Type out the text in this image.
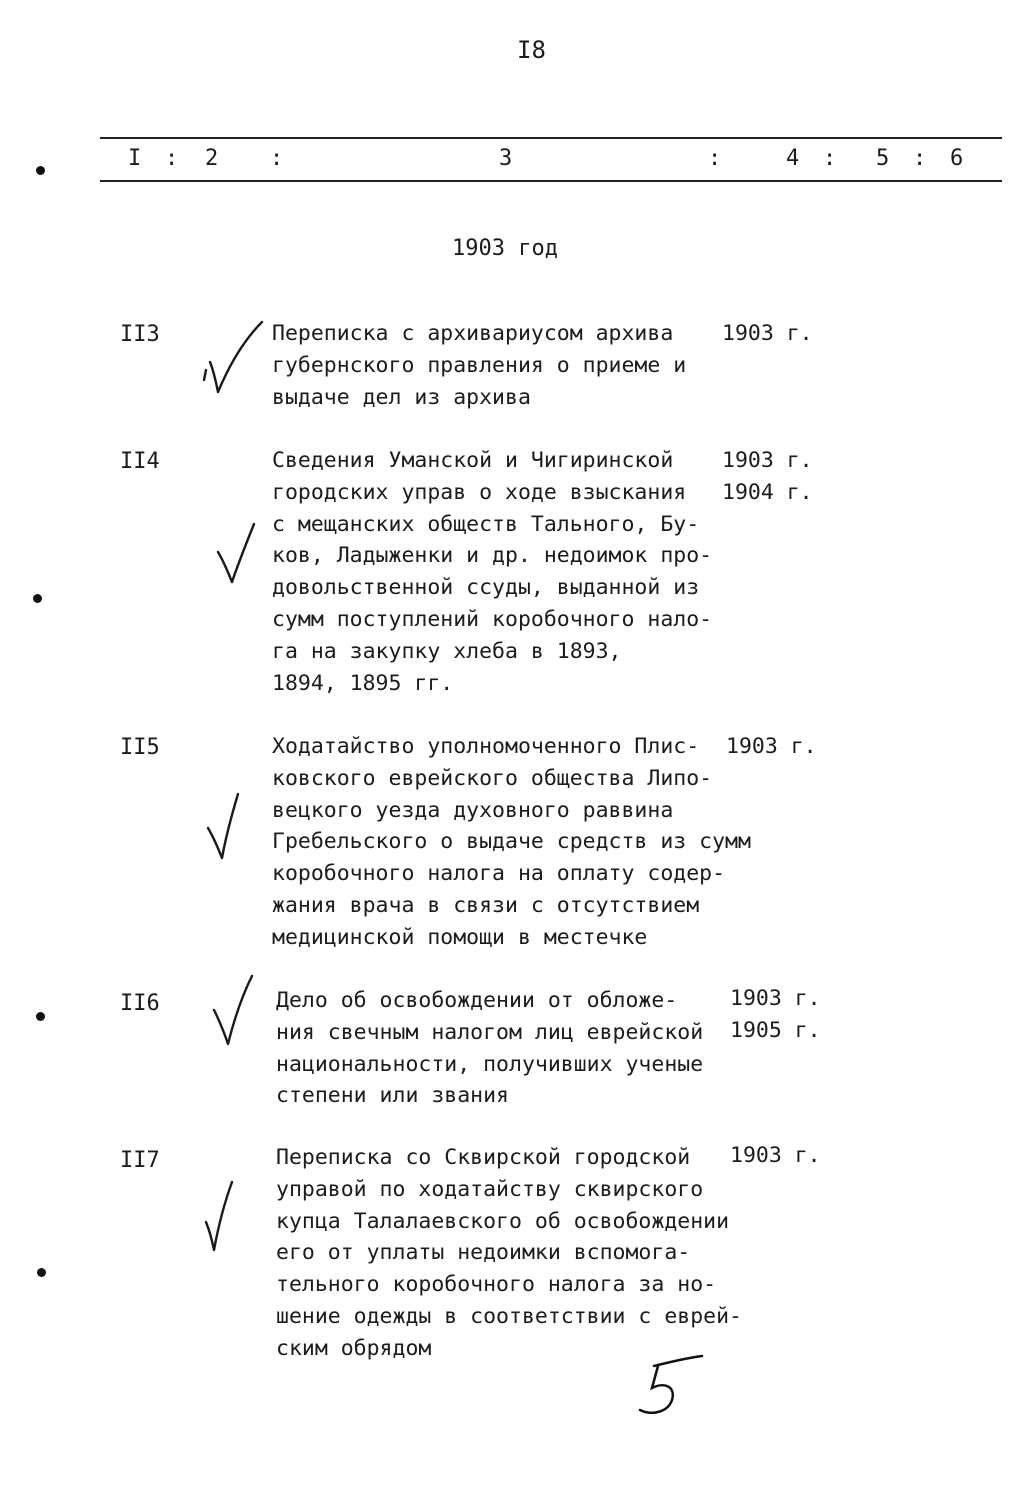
I8
I : 2 :	3	:	4 : 5 : 6
1903 год
II3	Переписка с архивариусом архива
губернского правления о приеме и
выдаче дел из архива
1903 г.
II4	Сведения Уманской и Чигиринской
городских управ о ходе взыскания
с мещанских обществ Тального, Бу-
ков, Ладыженки и др. недоимок про-
довольственной ссуды, выданной из
сумм поступлений коробочного нало-
га на закупку хлеба в 1893,
1894, 1895 гг.
1903 г.
1904 г.
II5	Ходатайство уполномоченного Плис-
ковского еврейского общества Липо-
вецкого уезда духовного раввина
Гребельского о выдаче средств из сумм
коробочного налога на оплату содер-
жания врача в связи с отсутствием
медицинской помощи в местечке
1903 г.
II6	Дело об освобождении от обложе-
ния свечным налогом лиц еврейской
национальности, получивших ученые
степени или звания
1903 г.
1905 г.
II7	Переписка со Сквирской городской
управой по ходатайству сквирского
купца Талалаевского об освобождении
его от уплаты недоимки вспомога-
тельного коробочного налога за но-
шение одежды в соответствии с еврей-
ским обрядом
1903 г.
